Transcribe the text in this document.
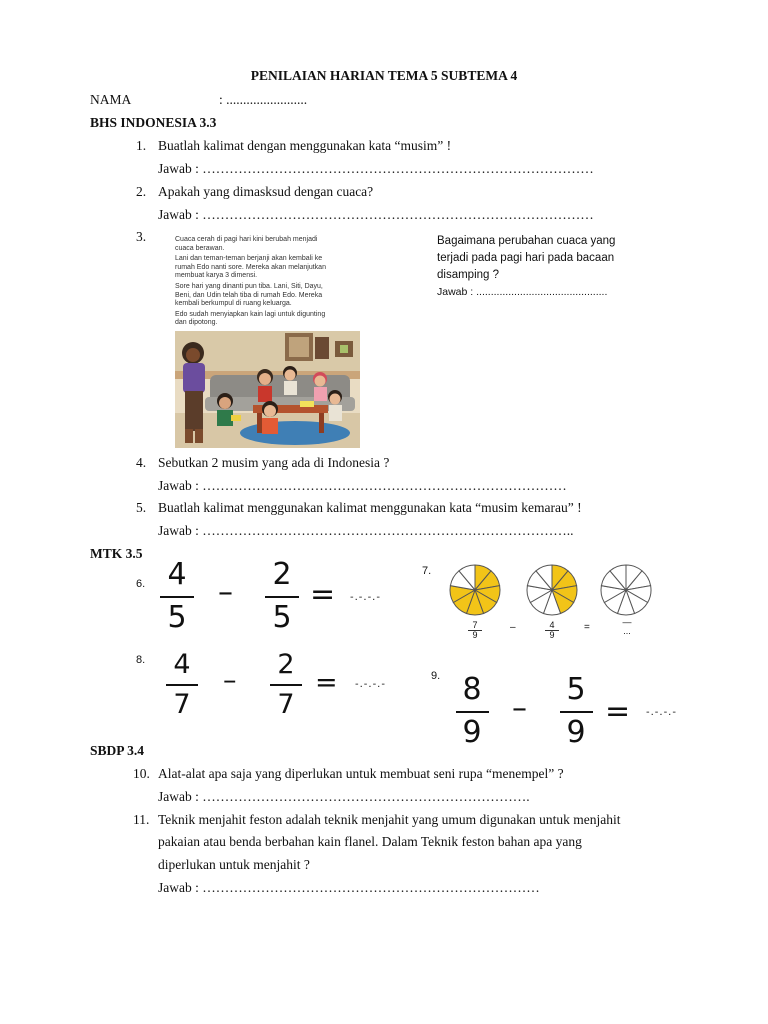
PENILAIAN HARIAN TEMA 5 SUBTEMA 4
NAMA	: ........................
BHS INDONESIA 3.3
1. Buatlah kalimat dengan menggunakan kata “musim” !
Jawab : ……………………………………………………………………………
2. Apakah yang dimasksud dengan cuaca?
Jawab : ……………………………………………………………………………
3.	Cuaca cerah di pagi hari kini berubah menjadi
cuaca berawan.
Lani dan teman-teman berjanji akan kembali ke
rumah Edo nanti sore. Mereka akan melanjutkan
membuat karya 3 dimensi.
Sore hari yang dinanti pun tiba. Lani, Siti, Dayu,
Beni, dan Udin telah tiba di rumah Edo. Mereka
kembali berkumpul di ruang keluarga.
Edo sudah menyiapkan kain lagi untuk digunting
dan dipotong.
Bagaimana perubahan cuaca yang
terjadi pada pagi hari pada bacaan
disamping ?
Jawab : .............................................
4. Sebutkan 2 musim yang ada di Indonesia ?
Jawab : ………………………………………………………………………
5. Buatlah kalimat menggunakan kalimat menggunakan kata “musim kemarau” !
Jawab : ………………………………………………………………………..
MTK 3.5
6. 4
5
–
2
5
= -.-.-.-
7.
$\frac{7}{9}$	–	$\frac{4}{9}$	=	—
...
8.	4
7
–
2
7
= -.-.-.-
9. 8
9
–
5
9
= -.-.-.-
SBDP 3.4
10. Alat-alat apa saja yang diperlukan untuk membuat seni rupa “menempel” ?
Jawab : ……………………………………………………………….
11. Teknik menjahit feston adalah teknik menjahit yang umum digunakan untuk menjahit
pakaian atau benda berbahan kain flanel. Dalam Teknik feston bahan apa yang
diperlukan untuk menjahit ?
Jawab : …………………………………………………………………
